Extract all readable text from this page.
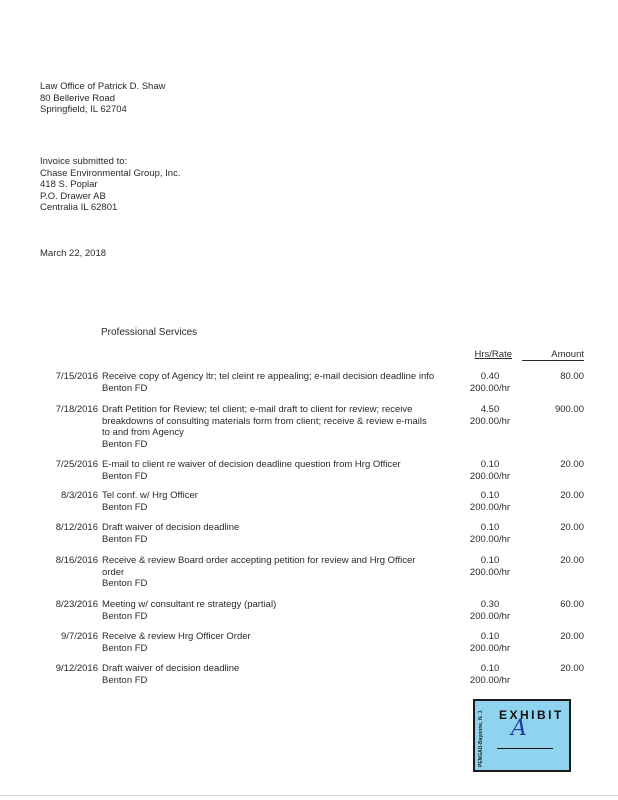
Law Office of Patrick D. Shaw
80 Bellerive Road
Springfield, IL 62704
Invoice submitted to:
Chase Environmental Group, Inc.
418 S. Poplar
P.O. Drawer AB
Centralia IL 62801
March 22, 2018
Professional Services
Hrs/Rate	Amount
7/15/2016 Receive copy of Agency ltr; tel cleint re appealing; e-mail decision deadline info
Benton FD
0.40
200.00/hr
80.00
7/18/2016 Draft Petition for Review; tel client; e-mail draft to client for review; receive
breakdowns of consulting materials form from client; receive & review e-mails
to and from Agency
Benton FD
4.50
200.00/hr
900.00
7/25/2016 E-mail to client re waiver of decision deadline question from Hrg Officer
Benton FD
0.10
200.00/hr
20.00
8/3/2016 Tel conf. w/ Hrg Officer
Benton FD
0.10
200.00/hr
20.00
8/12/2016 Draft waiver of decision deadline
Benton FD
0.10
200.00/hr
20.00
8/16/2016 Receive & review Board order accepting petition for review and Hrg Officer
order
Benton FD
0.10
200.00/hr
20.00
8/23/2016 Meeting w/ consultant re strategy (partial)
Benton FD
0.30
200.00/hr
60.00
9/7/2016 Receive & review Hrg Officer Order
Benton FD
0.10
200.00/hr
20.00
9/12/2016 Draft waiver of decision deadline
Benton FD
0.10
200.00/hr
20.00
PENGAD-Bayonne, N. J. EXHIBIT
A
